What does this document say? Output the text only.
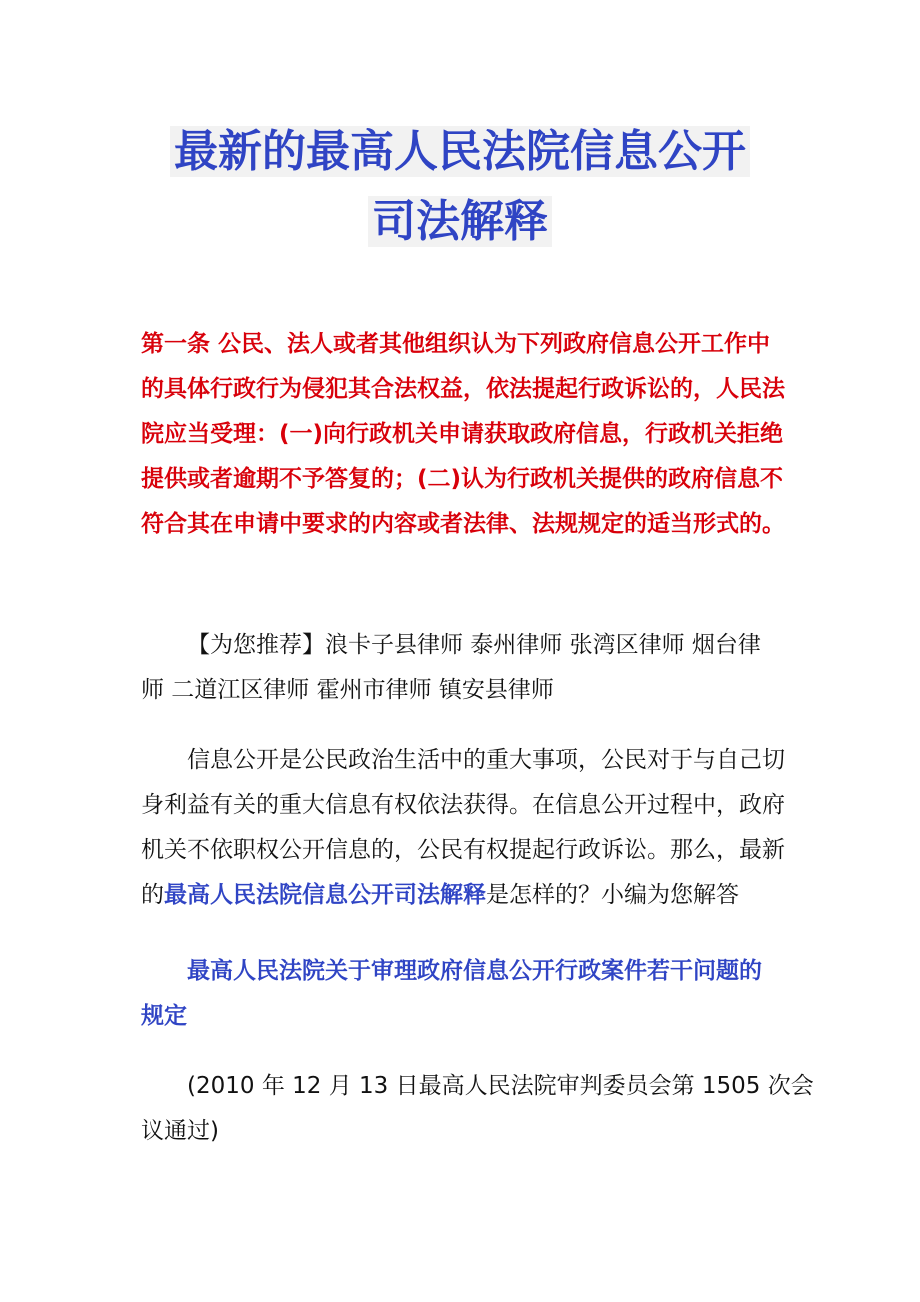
最新的最高人民法院信息公开
司法解释
第一条 公民、法人或者其他组织认为下列政府信息公开工作中
的具体行政行为侵犯其合法权益，依法提起行政诉讼的，人民法
院应当受理：(一)向行政机关申请获取政府信息，行政机关拒绝
提供或者逾期不予答复的；(二)认为行政机关提供的政府信息不
符合其在申请中要求的内容或者法律、法规规定的适当形式的。
【为您推荐】浪卡子县律师 泰州律师 张湾区律师 烟台律
师 二道江区律师 霍州市律师 镇安县律师
信息公开是公民政治生活中的重大事项，公民对于与自己切
身利益有关的重大信息有权依法获得。在信息公开过程中，政府
机关不依职权公开信息的，公民有权提起行政诉讼。那么，最新
的最高人民法院信息公开司法解释是怎样的？小编为您解答
最高人民法院关于审理政府信息公开行政案件若干问题的
规定
(2010 年 12 月 13 日最高人民法院审判委员会第 1505 次会
议通过)
